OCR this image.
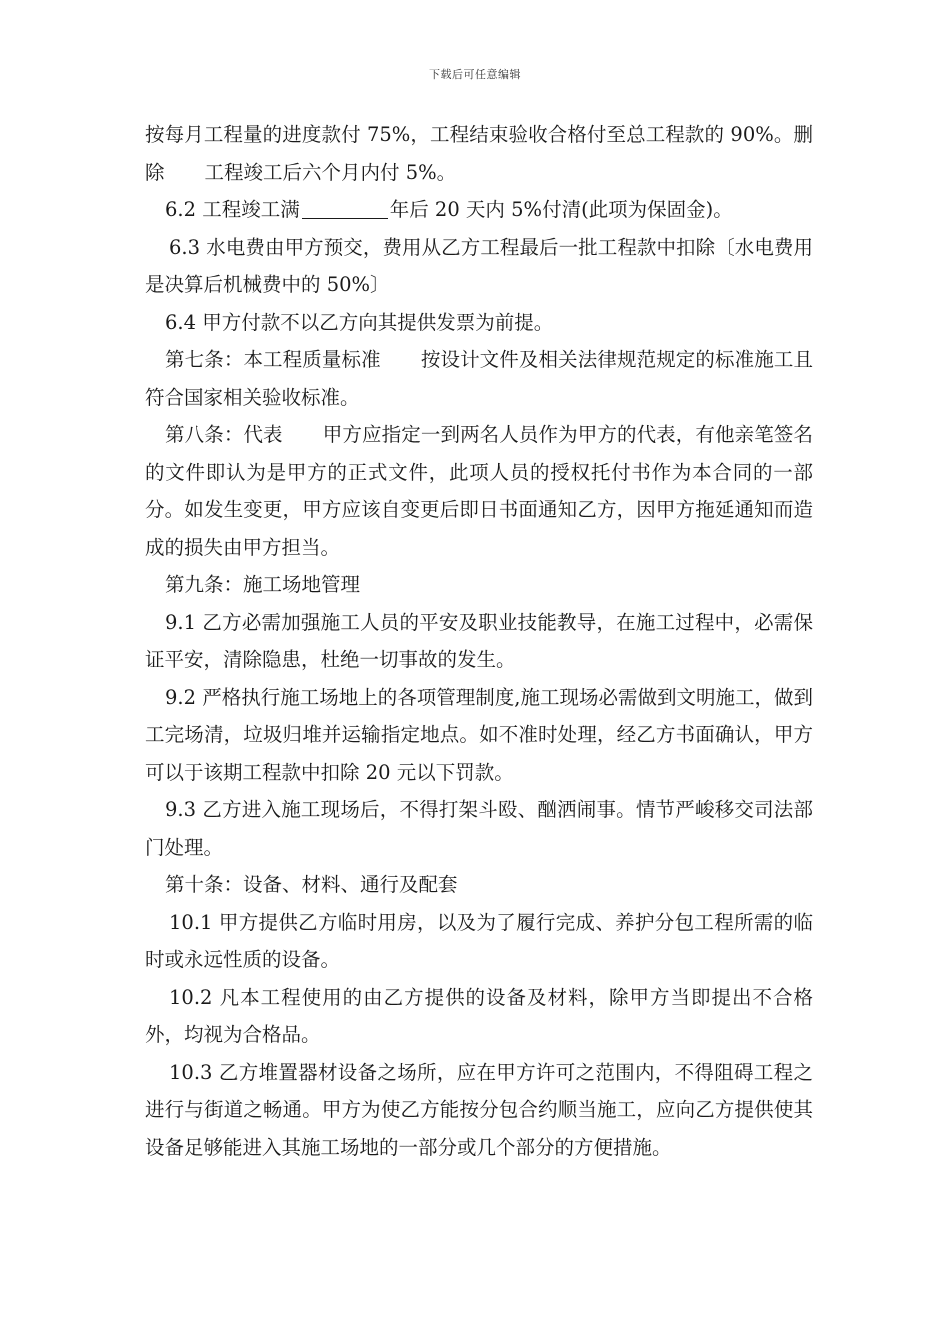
下载后可任意编辑

按每月工程量的进度款付 75%，工程结束验收合格付至总工程款的 90%。删除 工程竣工后六个月内付 5%。

6.2 工程竣工满	年后 20 天内 5%付清(此项为保固金)。

6.3 水电费由甲方预交，费用从乙方工程最后一批工程款中扣除〔水电费用是决算后机械费中的 50%〕

6.4 甲方付款不以乙方向其提供发票为前提。

第七条：本工程质量标准 按设计文件及相关法律规范规定的标准施工且符合国家相关验收标准。

第八条：代表 甲方应指定一到两名人员作为甲方的代表，有他亲笔签名的文件即认为是甲方的正式文件，此项人员的授权托付书作为本合同的一部分。如发生变更，甲方应该自变更后即日书面通知乙方，因甲方拖延通知而造成的损失由甲方担当。

第九条：施工场地管理

9.1 乙方必需加强施工人员的平安及职业技能教导，在施工过程中，必需保证平安，清除隐患，杜绝一切事故的发生。

9.2 严格执行施工场地上的各项管理制度,施工现场必需做到文明施工，做到工完场清，垃圾归堆并运输指定地点。如不准时处理，经乙方书面确认，甲方可以于该期工程款中扣除 20 元以下罚款。

9.3 乙方进入施工现场后，不得打架斗殴、酗洒闹事。情节严峻移交司法部门处理。

第十条：设备、材料、通行及配套

10.1 甲方提供乙方临时用房，以及为了履行完成、养护分包工程所需的临时或永远性质的设备。

10.2 凡本工程使用的由乙方提供的设备及材料，除甲方当即提出不合格外，均视为合格品。

10.3 乙方堆置器材设备之场所，应在甲方许可之范围内，不得阻碍工程之进行与街道之畅通。甲方为使乙方能按分包合约顺当施工，应向乙方提供使其设备足够能进入其施工场地的一部分或几个部分的方便措施。
